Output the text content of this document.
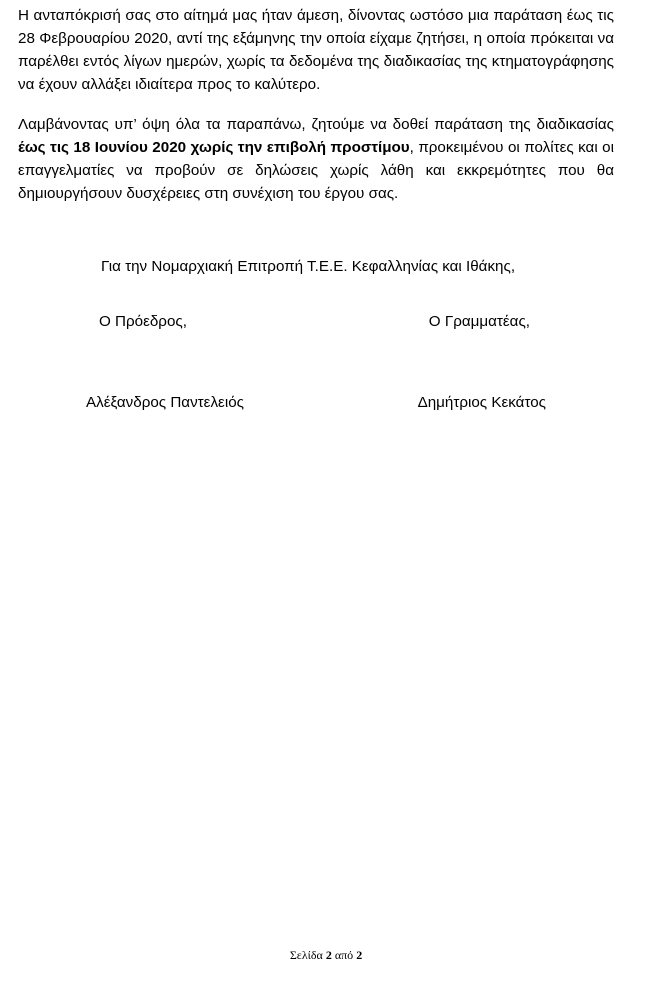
Η ανταπόκρισή σας στο αίτημά μας ήταν άμεση, δίνοντας ωστόσο μια παράταση έως τις 28 Φεβρουαρίου 2020, αντί της εξάμηνης την οποία είχαμε ζητήσει, η οποία πρόκειται να παρέλθει εντός λίγων ημερών, χωρίς τα δεδομένα της διαδικασίας της κτηματογράφησης να έχουν αλλάξει ιδιαίτερα προς το καλύτερο.

Λαμβάνοντας υπ’ όψη όλα τα παραπάνω, ζητούμε να δοθεί παράταση της διαδικασίας έως τις 18 Ιουνίου 2020 χωρίς την επιβολή προστίμου, προκειμένου οι πολίτες και οι επαγγελματίες να προβούν σε δηλώσεις χωρίς λάθη και εκκρεμότητες που θα δημιουργήσουν δυσχέρειες στη συνέχιση του έργου σας.

Για την Νομαρχιακή Επιτροπή Τ.Ε.Ε. Κεφαλληνίας και Ιθάκης,
Ο Πρόεδρος,	Ο Γραμματέας,
Αλέξανδρος Παντελειός	Δημήτριος Κεκάτος
Σελίδα 2 από 2
